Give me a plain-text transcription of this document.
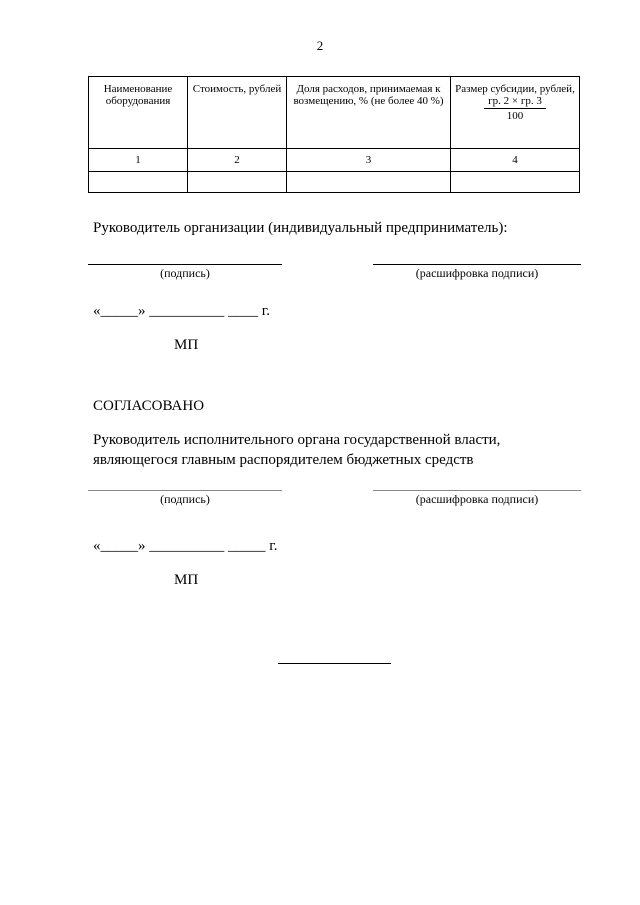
2
Наименование оборудования	Стоимость, рублей	Доля расходов, принимаемая к возмещению, % (не более 40 %)	Размер субсидии, рублей,

$\frac{гр. 2 \times гр. 3}{100}$

1	2	3	4

Руководитель организации (индивидуальный предприниматель):
(подпись)	(расшифровка подписи)
«_____» __________ ____ г.
МП
СОГЛАСОВАНО
Руководитель исполнительного органа государственной власти,
являющегося главным распорядителем бюджетных средств
(подпись)	(расшифровка подписи)
«_____» __________ _____ г.
МП
